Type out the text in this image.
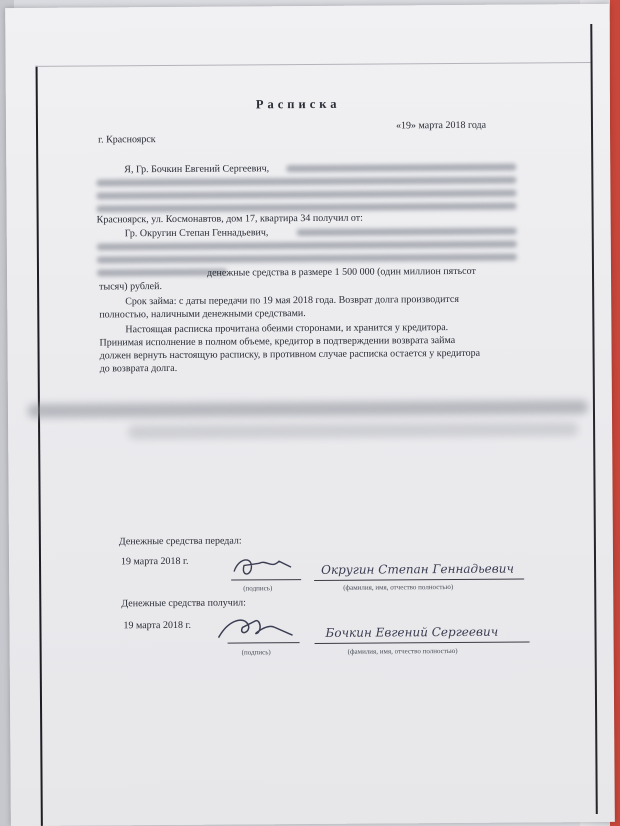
Расписка
«19» марта 2018 года
г. Красноярск
Я, Гр. Бочкин Евгений Сергеевич,
Красноярск, ул. Космонавтов, дом 17, квартира 34 получил от:
Гр. Округин Степан Геннадьевич,
денежные средства в размере 1 500 000 (один миллион пятьсот
тысяч) рублей.
Срок займа: с даты передачи по 19 мая 2018 года. Возврат долга производится
полностью, наличными денежными средствами.
Настоящая расписка прочитана обеими сторонами, и хранится у кредитора.
Принимая исполнение в полном объеме, кредитор в подтверждении возврата займа
должен вернуть настоящую расписку, в противном случае расписка остается у кредитора
до возврата долга.
Денежные средства передал:
19 марта 2018 г.
(подпись)
Округин Степан Геннадьевич
(фамилия, имя, отчество полностью)
Денежные средства получил:
19 марта 2018 г.
(подпись)
Бочкин Евгений Сергеевич
(фамилия, имя, отчество полностью)
